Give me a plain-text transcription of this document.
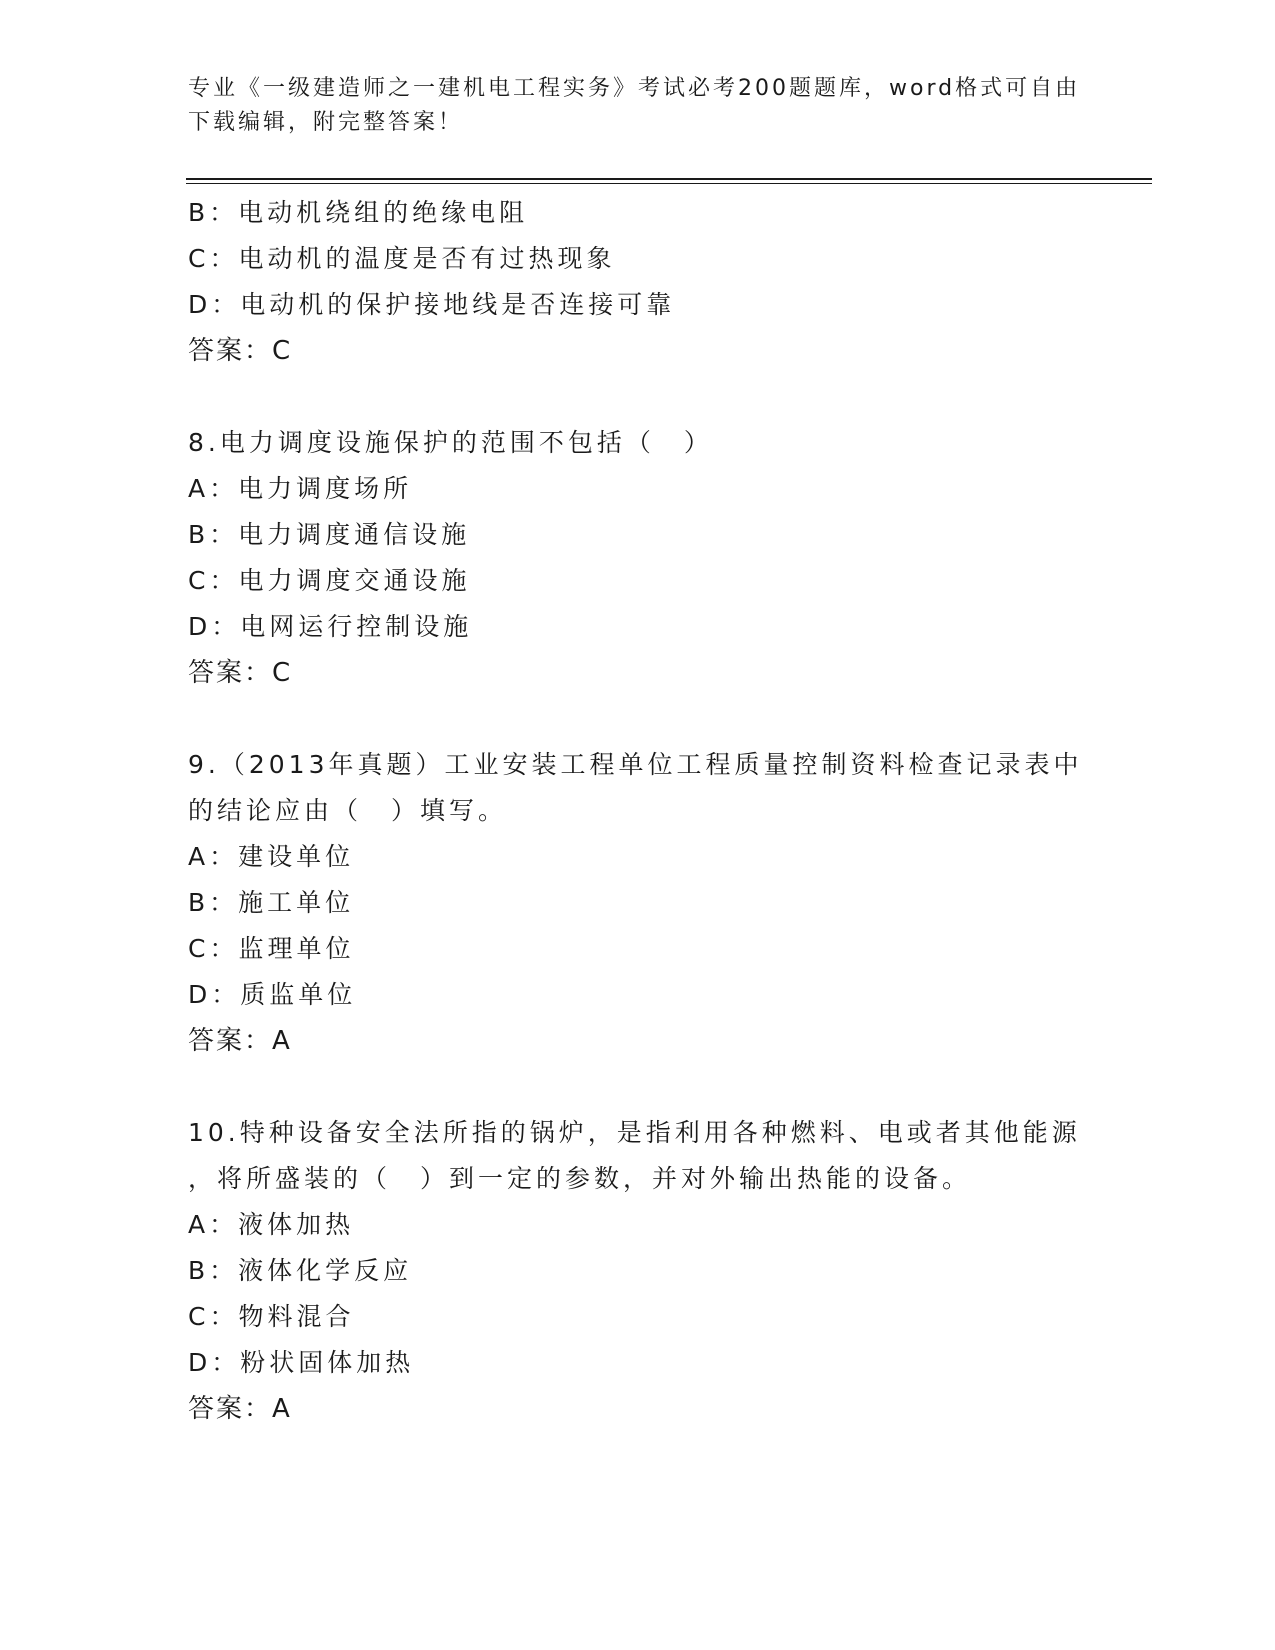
专业《一级建造师之一建机电工程实务》考试必考200题题库，word格式可自由
下载编辑，附完整答案！
B：电动机绕组的绝缘电阻
C：电动机的温度是否有过热现象
D：电动机的保护接地线是否连接可靠
答案：C
8.电力调度设施保护的范围不包括（　）
A：电力调度场所
B：电力调度通信设施
C：电力调度交通设施
D：电网运行控制设施
答案：C
9.（2013年真题）工业安装工程单位工程质量控制资料检查记录表中
的结论应由（　）填写。
A：建设单位
B：施工单位
C：监理单位
D：质监单位
答案：A
10.特种设备安全法所指的锅炉，是指利用各种燃料、电或者其他能源
，将所盛装的（　）到一定的参数，并对外输出热能的设备。
A：液体加热
B：液体化学反应
C：物料混合
D：粉状固体加热
答案：A
